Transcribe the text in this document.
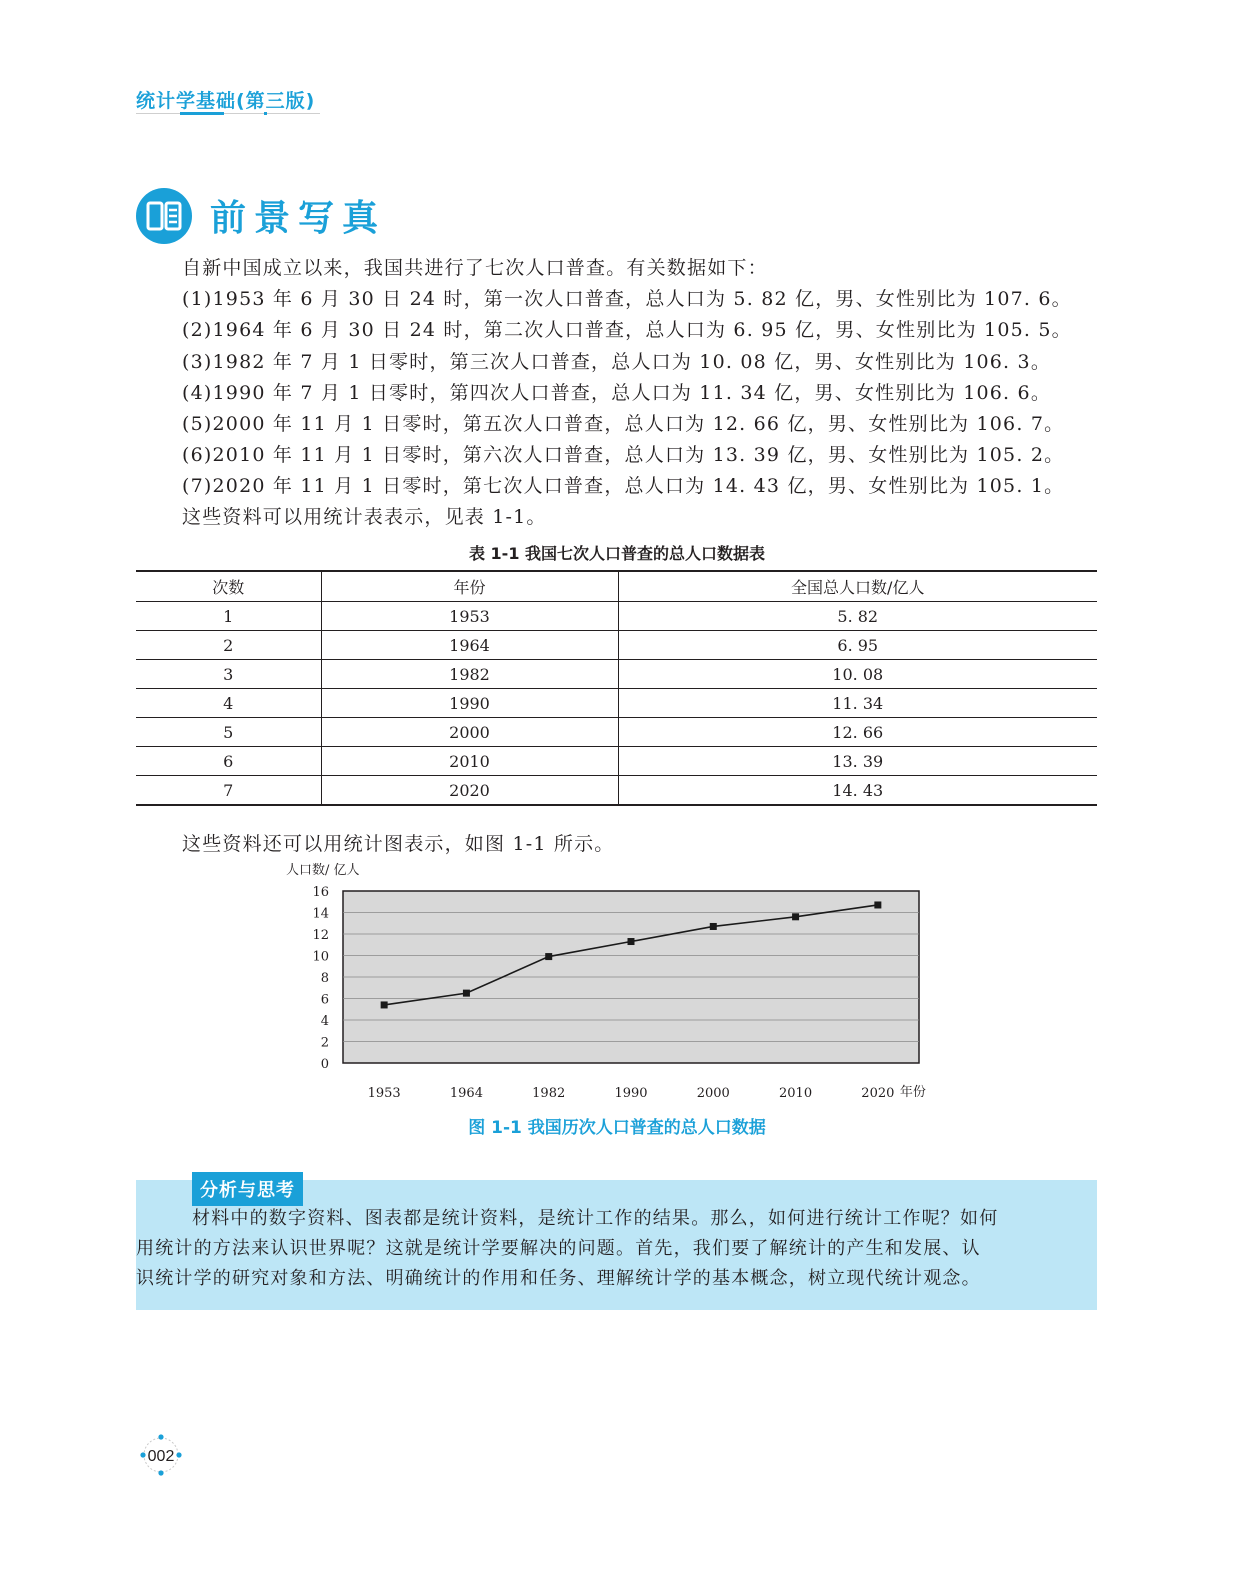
统计学基础(第三版)
前景写真
自新中国成立以来，我国共进行了七次人口普查。有关数据如下：
(1)1953 年 6 月 30 日 24 时，第一次人口普查，总人口为 5. 82 亿，男、女性别比为 107. 6。
(2)1964 年 6 月 30 日 24 时，第二次人口普查，总人口为 6. 95 亿，男、女性别比为 105. 5。
(3)1982 年 7 月 1 日零时，第三次人口普查，总人口为 10. 08 亿，男、女性别比为 106. 3。
(4)1990 年 7 月 1 日零时，第四次人口普查，总人口为 11. 34 亿，男、女性别比为 106. 6。
(5)2000 年 11 月 1 日零时，第五次人口普查，总人口为 12. 66 亿，男、女性别比为 106. 7。
(6)2010 年 11 月 1 日零时，第六次人口普查，总人口为 13. 39 亿，男、女性别比为 105. 2。
(7)2020 年 11 月 1 日零时，第七次人口普查，总人口为 14. 43 亿，男、女性别比为 105. 1。
这些资料可以用统计表表示，见表 1-1。
表 1-1 我国七次人口普查的总人口数据表
次数	年份	全国总人口数/亿人
1	1953	5. 82
2	1964	6. 95
3	1982	10. 08
4	1990	11. 34
5	2000	12. 66
6	2010	13. 39
7	2020	14. 43
这些资料还可以用统计图表示，如图 1-1 所示。
0
2
4
6
8
10
12
14
16
人口数/ 亿人
1953	1964	1982	1990	2000	2010	2020 年份
图 1-1 我国历次人口普查的总人口数据
分析与思考
材料中的数字资料、图表都是统计资料，是统计工作的结果。那么，如何进行统计工作呢？如何
用统计的方法来认识世界呢？这就是统计学要解决的问题。首先，我们要了解统计的产生和发展、认
识统计学的研究对象和方法、明确统计的作用和任务、理解统计学的基本概念，树立现代统计观念。
002
